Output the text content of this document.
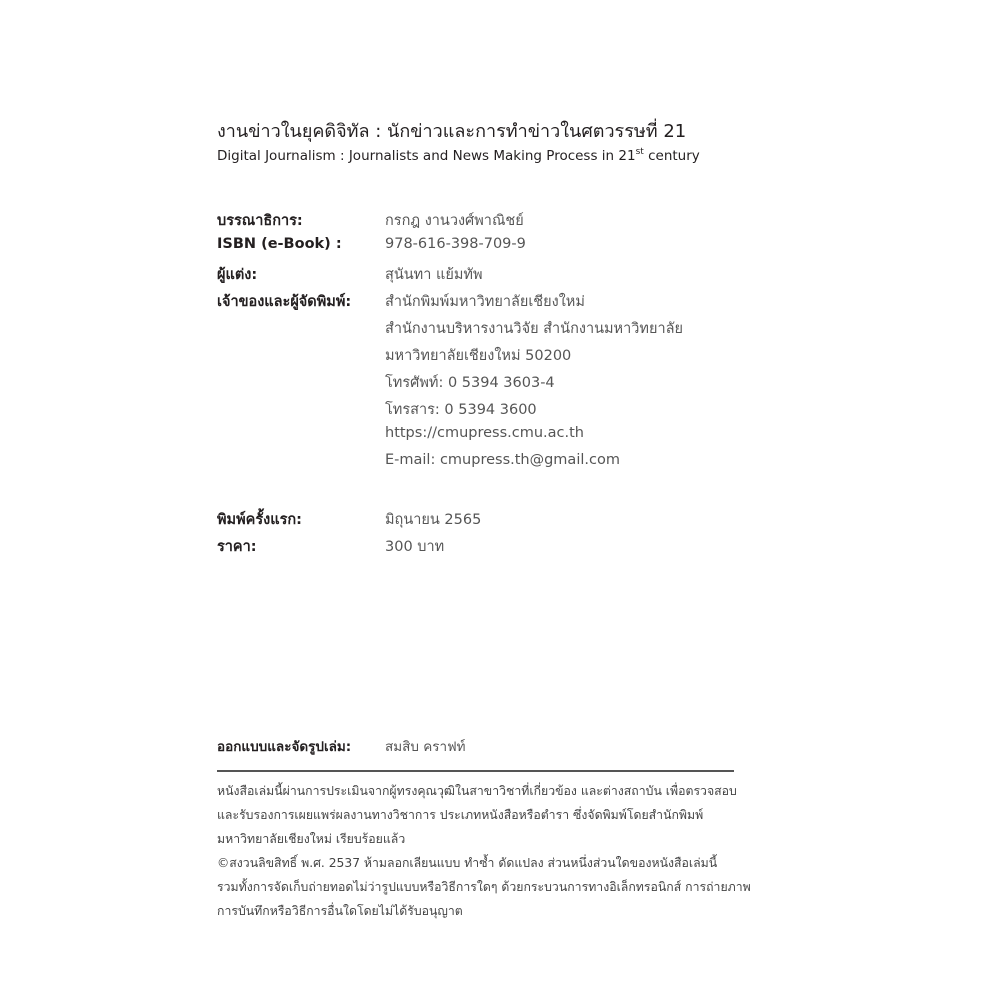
งานข่าวในยุคดิจิทัล : นักข่าวและการทำข่าวในศตวรรษที่ 21
Digital Journalism : Journalists and News Making Process in 21st century
บรรณาธิการ:	กรกฎ งานวงศ์พาณิชย์
ISBN (e-Book) :	978-616-398-709-9
ผู้แต่ง:	สุนันทา แย้มทัพ
เจ้าของและผู้จัดพิมพ์: สำนักพิมพ์มหาวิทยาลัยเชียงใหม่
สำนักงานบริหารงานวิจัย สำนักงานมหาวิทยาลัย
มหาวิทยาลัยเชียงใหม่ 50200
โทรศัพท์: 0 5394 3603-4
โทรสาร: 0 5394 3600
https://cmupress.cmu.ac.th
E-mail: cmupress.th@gmail.com
พิมพ์ครั้งแรก:	มิถุนายน 2565
ราคา:	300 บาท
ออกแบบและจัดรูปเล่ม:	สมสิบ คราฟท์
หนังสือเล่มนี้ผ่านการประเมินจากผู้ทรงคุณวุฒิในสาขาวิชาที่เกี่ยวข้อง และต่างสถาบัน เพื่อตรวจสอบ
และรับรองการเผยแพร่ผลงานทางวิชาการ ประเภทหนังสือหรือตำรา ซึ่งจัดพิมพ์โดยสำนักพิมพ์
มหาวิทยาลัยเชียงใหม่ เรียบร้อยแล้ว
©สงวนลิขสิทธิ์ พ.ศ. 2537 ห้ามลอกเลียนแบบ ทำซ้ำ ดัดแปลง ส่วนหนึ่งส่วนใดของหนังสือเล่มนี้
รวมทั้งการจัดเก็บถ่ายทอดไม่ว่ารูปแบบหรือวิธีการใดๆ ด้วยกระบวนการทางอิเล็กทรอนิกส์ การถ่ายภาพ
การบันทึกหรือวิธีการอื่นใดโดยไม่ได้รับอนุญาต
